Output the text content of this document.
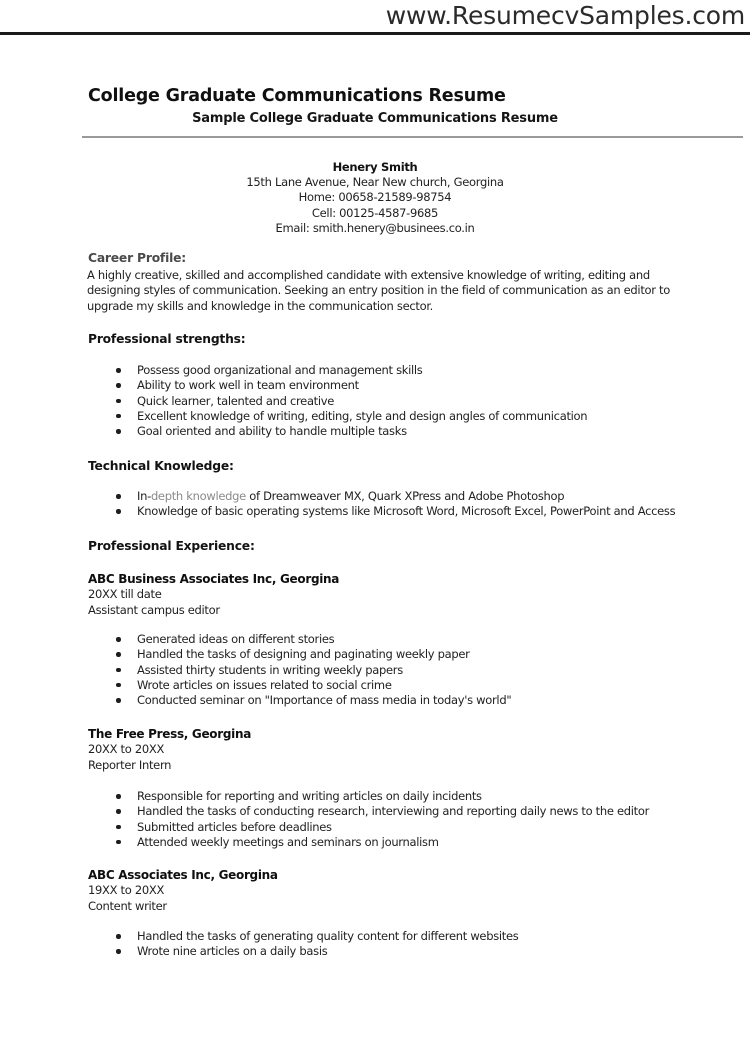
www.ResumecvSamples.com
College Graduate Communications Resume
Sample College Graduate Communications Resume
Henery Smith
15th Lane Avenue, Near New church, Georgina
Home: 00658-21589-98754
Cell: 00125-4587-9685
Email: smith.henery@businees.co.in
Career Profile:
A highly creative, skilled and accomplished candidate with extensive knowledge of writing, editing and
designing styles of communication. Seeking an entry position in the field of communication as an editor to
upgrade my skills and knowledge in the communication sector.
Professional strengths:
Possess good organizational and management skills
Ability to work well in team environment
Quick learner, talented and creative
Excellent knowledge of writing, editing, style and design angles of communication
Goal oriented and ability to handle multiple tasks
Technical Knowledge:
In-depth knowledge of Dreamweaver MX, Quark XPress and Adobe Photoshop
Knowledge of basic operating systems like Microsoft Word, Microsoft Excel, PowerPoint and Access
Professional Experience:
ABC Business Associates Inc, Georgina
20XX till date
Assistant campus editor
Generated ideas on different stories
Handled the tasks of designing and paginating weekly paper
Assisted thirty students in writing weekly papers
Wrote articles on issues related to social crime
Conducted seminar on "Importance of mass media in today's world"
The Free Press, Georgina
20XX to 20XX
Reporter Intern
Responsible for reporting and writing articles on daily incidents
Handled the tasks of conducting research, interviewing and reporting daily news to the editor
Submitted articles before deadlines
Attended weekly meetings and seminars on journalism
ABC Associates Inc, Georgina
19XX to 20XX
Content writer
Handled the tasks of generating quality content for different websites
Wrote nine articles on a daily basis
